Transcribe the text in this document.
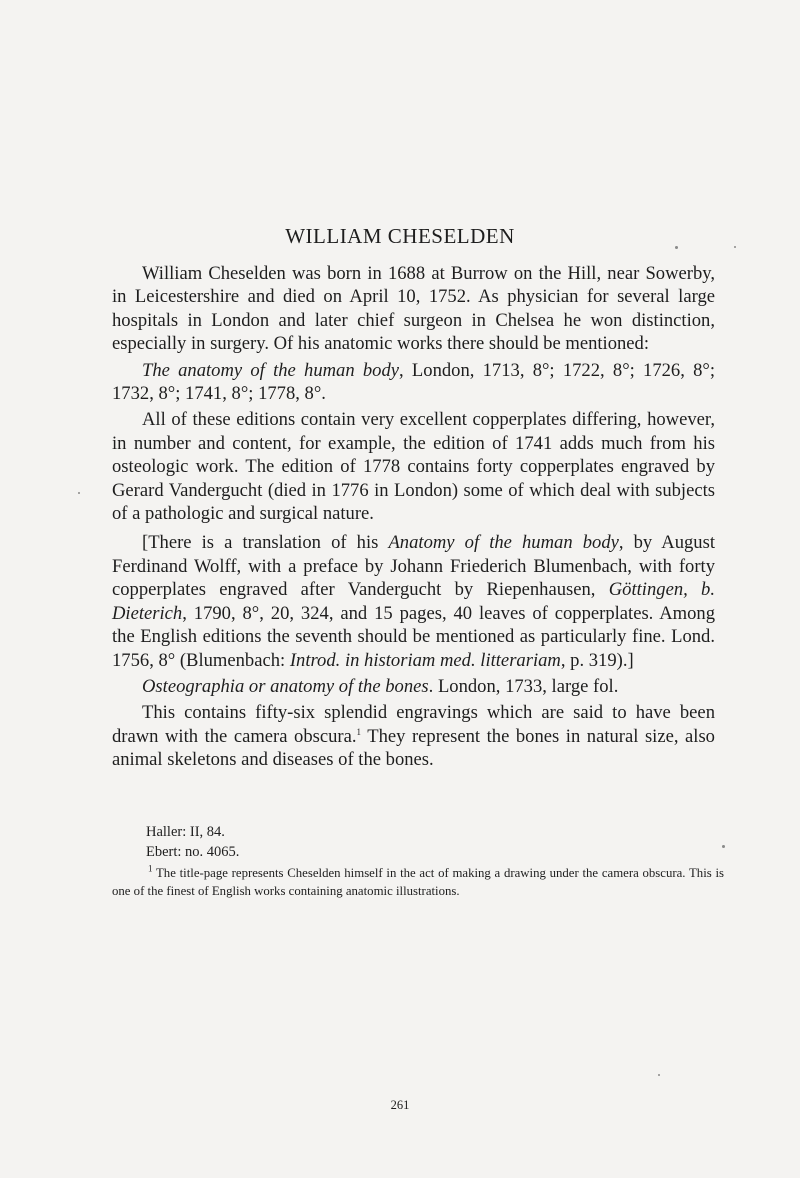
WILLIAM CHESELDEN

William Cheselden was born in 1688 at Burrow on the Hill, near Sowerby, in Leicestershire and died on April 10, 1752. As physician for several large hospitals in London and later chief surgeon in Chelsea he won distinction, especially in surgery. Of his anatomic works there should be mentioned:

The anatomy of the human body, London, 1713, 8°; 1722, 8°; 1726, 8°; 1732, 8°; 1741, 8°; 1778, 8°.

All of these editions contain very excellent copperplates differing, however, in number and content, for example, the edition of 1741 adds much from his osteologic work. The edition of 1778 contains forty copperplates engraved by Gerard Vandergucht (died in 1776 in London) some of which deal with subjects of a pathologic and surgical nature.

[There is a translation of his Anatomy of the human body, by August Ferdinand Wolff, with a preface by Johann Friederich Blumenbach, with forty copperplates engraved after Vandergucht by Riepenhausen, Göttingen, b. Dieterich, 1790, 8°, 20, 324, and 15 pages, 40 leaves of copperplates. Among the English editions the seventh should be mentioned as particularly fine. Lond. 1756, 8° (Blumenbach: Introd. in historiam med. litterariam, p. 319).]

Osteographia or anatomy of the bones. London, 1733, large fol.

This contains fifty-six splendid engravings which are said to have been drawn with the camera obscura.$^1$ They represent the bones in natural size, also animal skeletons and diseases of the bones.

Haller: II, 84.
Ebert: no. 4065.
$^1$ The title-page represents Cheselden himself in the act of making a drawing under the camera obscura. This is one of the finest of English works containing anatomic illustrations.
261
